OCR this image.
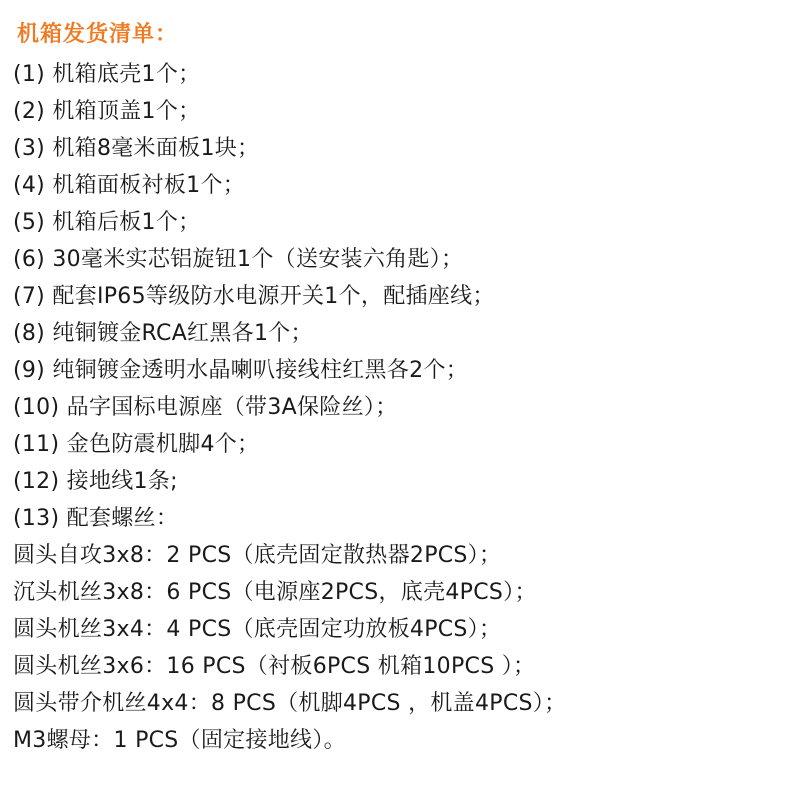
机箱发货清单：
(1) 机箱底壳1个；
(2) 机箱顶盖1个；
(3) 机箱8毫米面板1块；
(4) 机箱面板衬板1个；
(5) 机箱后板1个；
(6) 30毫米实芯铝旋钮1个（送安装六角匙）；
(7) 配套IP65等级防水电源开关1个，配插座线；
(8) 纯铜镀金RCA红黑各1个；
(9) 纯铜镀金透明水晶喇叭接线柱红黑各2个；
(10) 品字国标电源座（带3A保险丝）；
(11) 金色防震机脚4个；
(12) 接地线1条;
(13) 配套螺丝：
圆头自攻3x8：2 PCS（底壳固定散热器2PCS）；
沉头机丝3x8：6 PCS（电源座2PCS，底壳4PCS）；
圆头机丝3x4：4 PCS（底壳固定功放板4PCS）；
圆头机丝3x6：16 PCS（衬板6PCS 机箱10PCS ）；
圆头带介机丝4x4：8 PCS（机脚4PCS ，机盖4PCS）；
M3螺母：1 PCS（固定接地线）。
